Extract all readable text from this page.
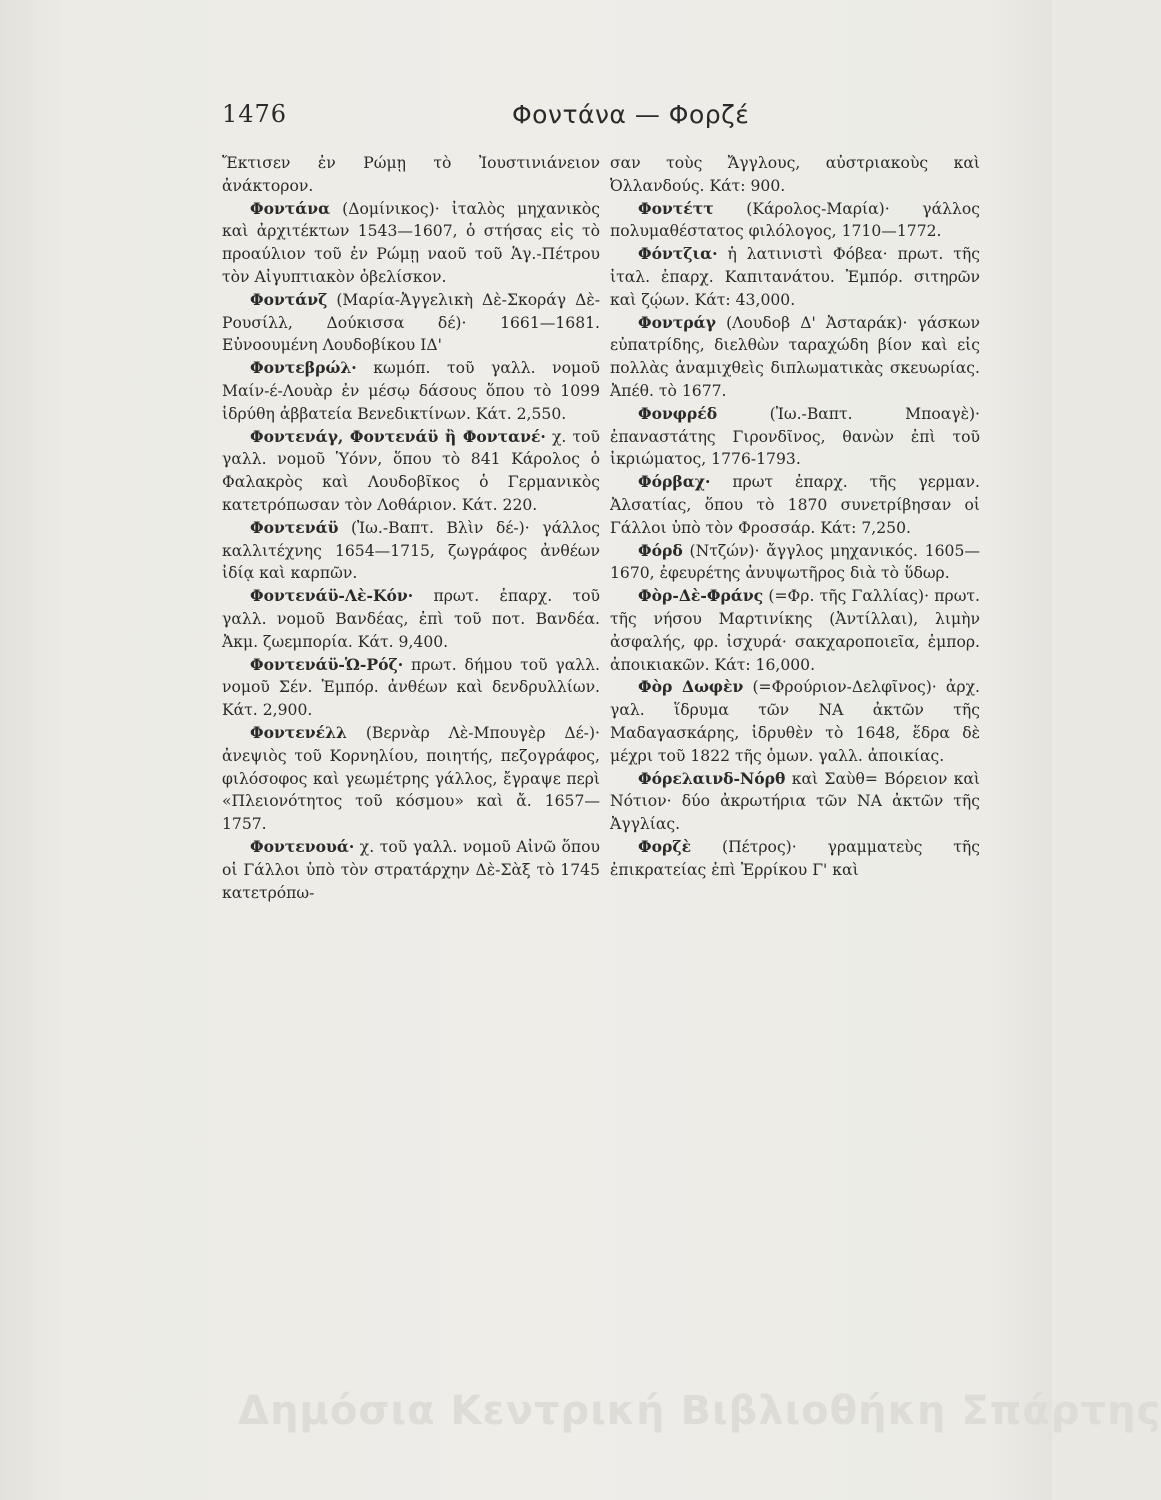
1476	Φοντάνα — Φορζέ

Ἔκτισεν ἐν Ρώμῃ τὸ Ἰουστινιάνειον ἀνάκτορον.

Φοντάνα (Δομίνικος)· ἰταλὸς μηχανικὸς καὶ ἀρχιτέκτων 1543—1607, ὁ στήσας εἰς τὸ προαύλιον τοῦ ἐν Ρώμῃ ναοῦ τοῦ Ἁγ.-Πέτρου τὸν Αἰγυπτιακὸν ὀβελίσκον.

Φοντάνζ (Μαρία-Ἀγγελικὴ Δὲ-Σκοράγ Δὲ-Ρουσίλλ, Δούκισσα δέ)· 1661—1681. Εὐνοουμένη Λουδοβίκου ΙΔ'

Φοντεβρώλ· κωμόπ. τοῦ γαλλ. νομοῦ Μαίν-έ-Λουὰρ ἐν μέσῳ δάσους ὅπου τὸ 1099 ἱδρύθη ἀββατεία Βενεδικτίνων. Κάτ. 2,550.

Φοντενάγ, Φοντενάϋ ἢ Φοντανέ· χ. τοῦ γαλλ. νομοῦ Ὑόνν, ὅπου τὸ 841 Κάρολος ὁ Φαλακρὸς καὶ Λουδοβῖκος ὁ Γερμανικὸς κατετρόπωσαν τὸν Λοθάριον. Κάτ. 220.

Φοντενάϋ (Ἰω.-Βαπτ. Βλὶν δέ-)· γάλλος καλλιτέχνης 1654—1715, ζωγράφος ἀνθέων ἰδίᾳ καὶ καρπῶν.

Φοντενάϋ-Λὲ-Κόν· πρωτ. ἐπαρχ. τοῦ γαλλ. νομοῦ Βανδέας, ἐπὶ τοῦ ποτ. Βανδέα. Ἀκμ. ζωεμπορία. Κάτ. 9,400.

Φοντενάϋ-Ὡ-Ρόζ· πρωτ. δήμου τοῦ γαλλ. νομοῦ Σέν. Ἐμπόρ. ἀνθέων καὶ δενδρυλλίων. Κάτ. 2,900.

Φοντενέλλ (Βερνὰρ Λὲ-Μπουγὲρ Δέ-)· ἀνεψιὸς τοῦ Κορνηλίου, ποιητής, πεζογράφος, φιλόσοφος καὶ γεωμέτρης γάλλος, ἔγραψε περὶ «Πλειονότητος τοῦ κόσμου» καὶ ἄ. 1657—1757.

Φοντενουά· χ. τοῦ γαλλ. νομοῦ Αἰνῶ ὅπου οἱ Γάλλοι ὑπὸ τὸν στρατάρχην Δὲ-Σὰξ τὸ 1745 κατετρόπω-

σαν τοὺς Ἄγγλους, αὐστριακοὺς καὶ Ὀλλανδούς. Κάτ: 900.

Φοντέττ (Κάρολος-Μαρία)· γάλλος πολυμαθέστατος φιλόλογος, 1710—1772.

Φόντζια· ἡ λατινιστὶ Φόβεα· πρωτ. τῆς ἰταλ. ἐπαρχ. Καπιτανάτου. Ἐμπόρ. σιτηρῶν καὶ ζῴων. Κάτ: 43,000.

Φοντράγ (Λουδοβ Δ' Ἀσταράκ)· γάσκων εὐπατρίδης, διελθὼν ταραχώδη βίον καὶ εἰς πολλὰς ἀναμιχθεὶς διπλωματικὰς σκευωρίας. Ἀπέθ. τὸ 1677.

Φονφρέδ (Ἰω.-Βαπτ. Μποαγὲ)· ἐπαναστάτης Γιρονδῖνος, θανὼν ἐπὶ τοῦ ἰκριώματος, 1776-1793.

Φόρβαχ· πρωτ ἐπαρχ. τῆς γερμαν. Ἀλσατίας, ὅπου τὸ 1870 συνετρίβησαν οἱ Γάλλοι ὑπὸ τὸν Φροσσάρ. Κάτ: 7,250.

Φόρδ (Ντζών)· ἄγγλος μηχανικός. 1605—1670, ἐφευρέτης ἀνυψωτῆρος διὰ τὸ ὕδωρ.

Φὸρ-Δὲ-Φράνς (=Φρ. τῆς Γαλλίας)· πρωτ. τῆς νήσου Μαρτινίκης (Ἀντίλλαι), λιμὴν ἀσφαλής, φρ. ἰσχυρά· σακχαροποιεῖα, ἐμπορ. ἀποικιακῶν. Κάτ: 16,000.

Φὸρ Δωφὲν (=Φρούριον-Δελφῖνος)· ἀρχ. γαλ. ἵδρυμα τῶν ΝΑ ἀκτῶν τῆς Μαδαγασκάρης, ἱδρυθὲν τὸ 1648, ἕδρα δὲ μέχρι τοῦ 1822 τῆς ὁμων. γαλλ. ἀποικίας.

Φόρελαινδ-Νόρθ καὶ Σαὺθ= Βόρειον καὶ Νότιον· δύο ἀκρωτήρια τῶν ΝΑ ἀκτῶν τῆς Ἀγγλίας.

Φορζὲ (Πέτρος)· γραμματεὺς τῆς ἐπικρατείας ἐπὶ Ἐρρίκου Γ' καὶ

Δημόσια Κεντρική Βιβλιοθήκη Σπάρτης
